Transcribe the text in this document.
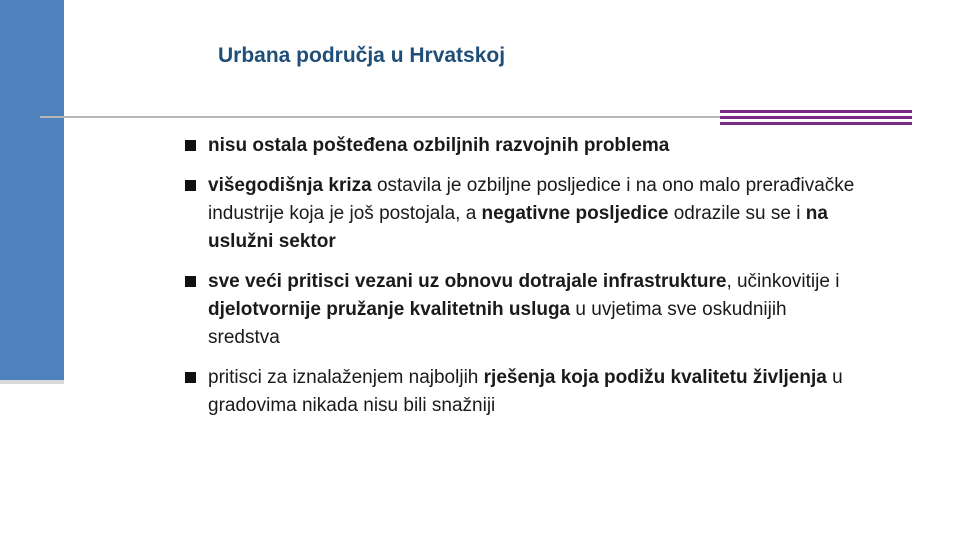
Urbana područja u Hrvatskoj
nisu ostala pošteđena ozbiljnih razvojnih problema
višegodišnja kriza ostavila je ozbiljne posljedice i na ono malo prerađivačke industrije koja je još postojala, a negativne posljedice odrazile su se i na uslužni sektor
sve veći pritisci vezani uz obnovu dotrajale infrastrukture, učinkovitije i djelotvornije pružanje kvalitetnih usluga u uvjetima sve oskudnijih sredstva
pritisci za iznalaženjem najboljih rješenja koja podižu kvalitetu življenja u gradovima nikada nisu bili snažniji
